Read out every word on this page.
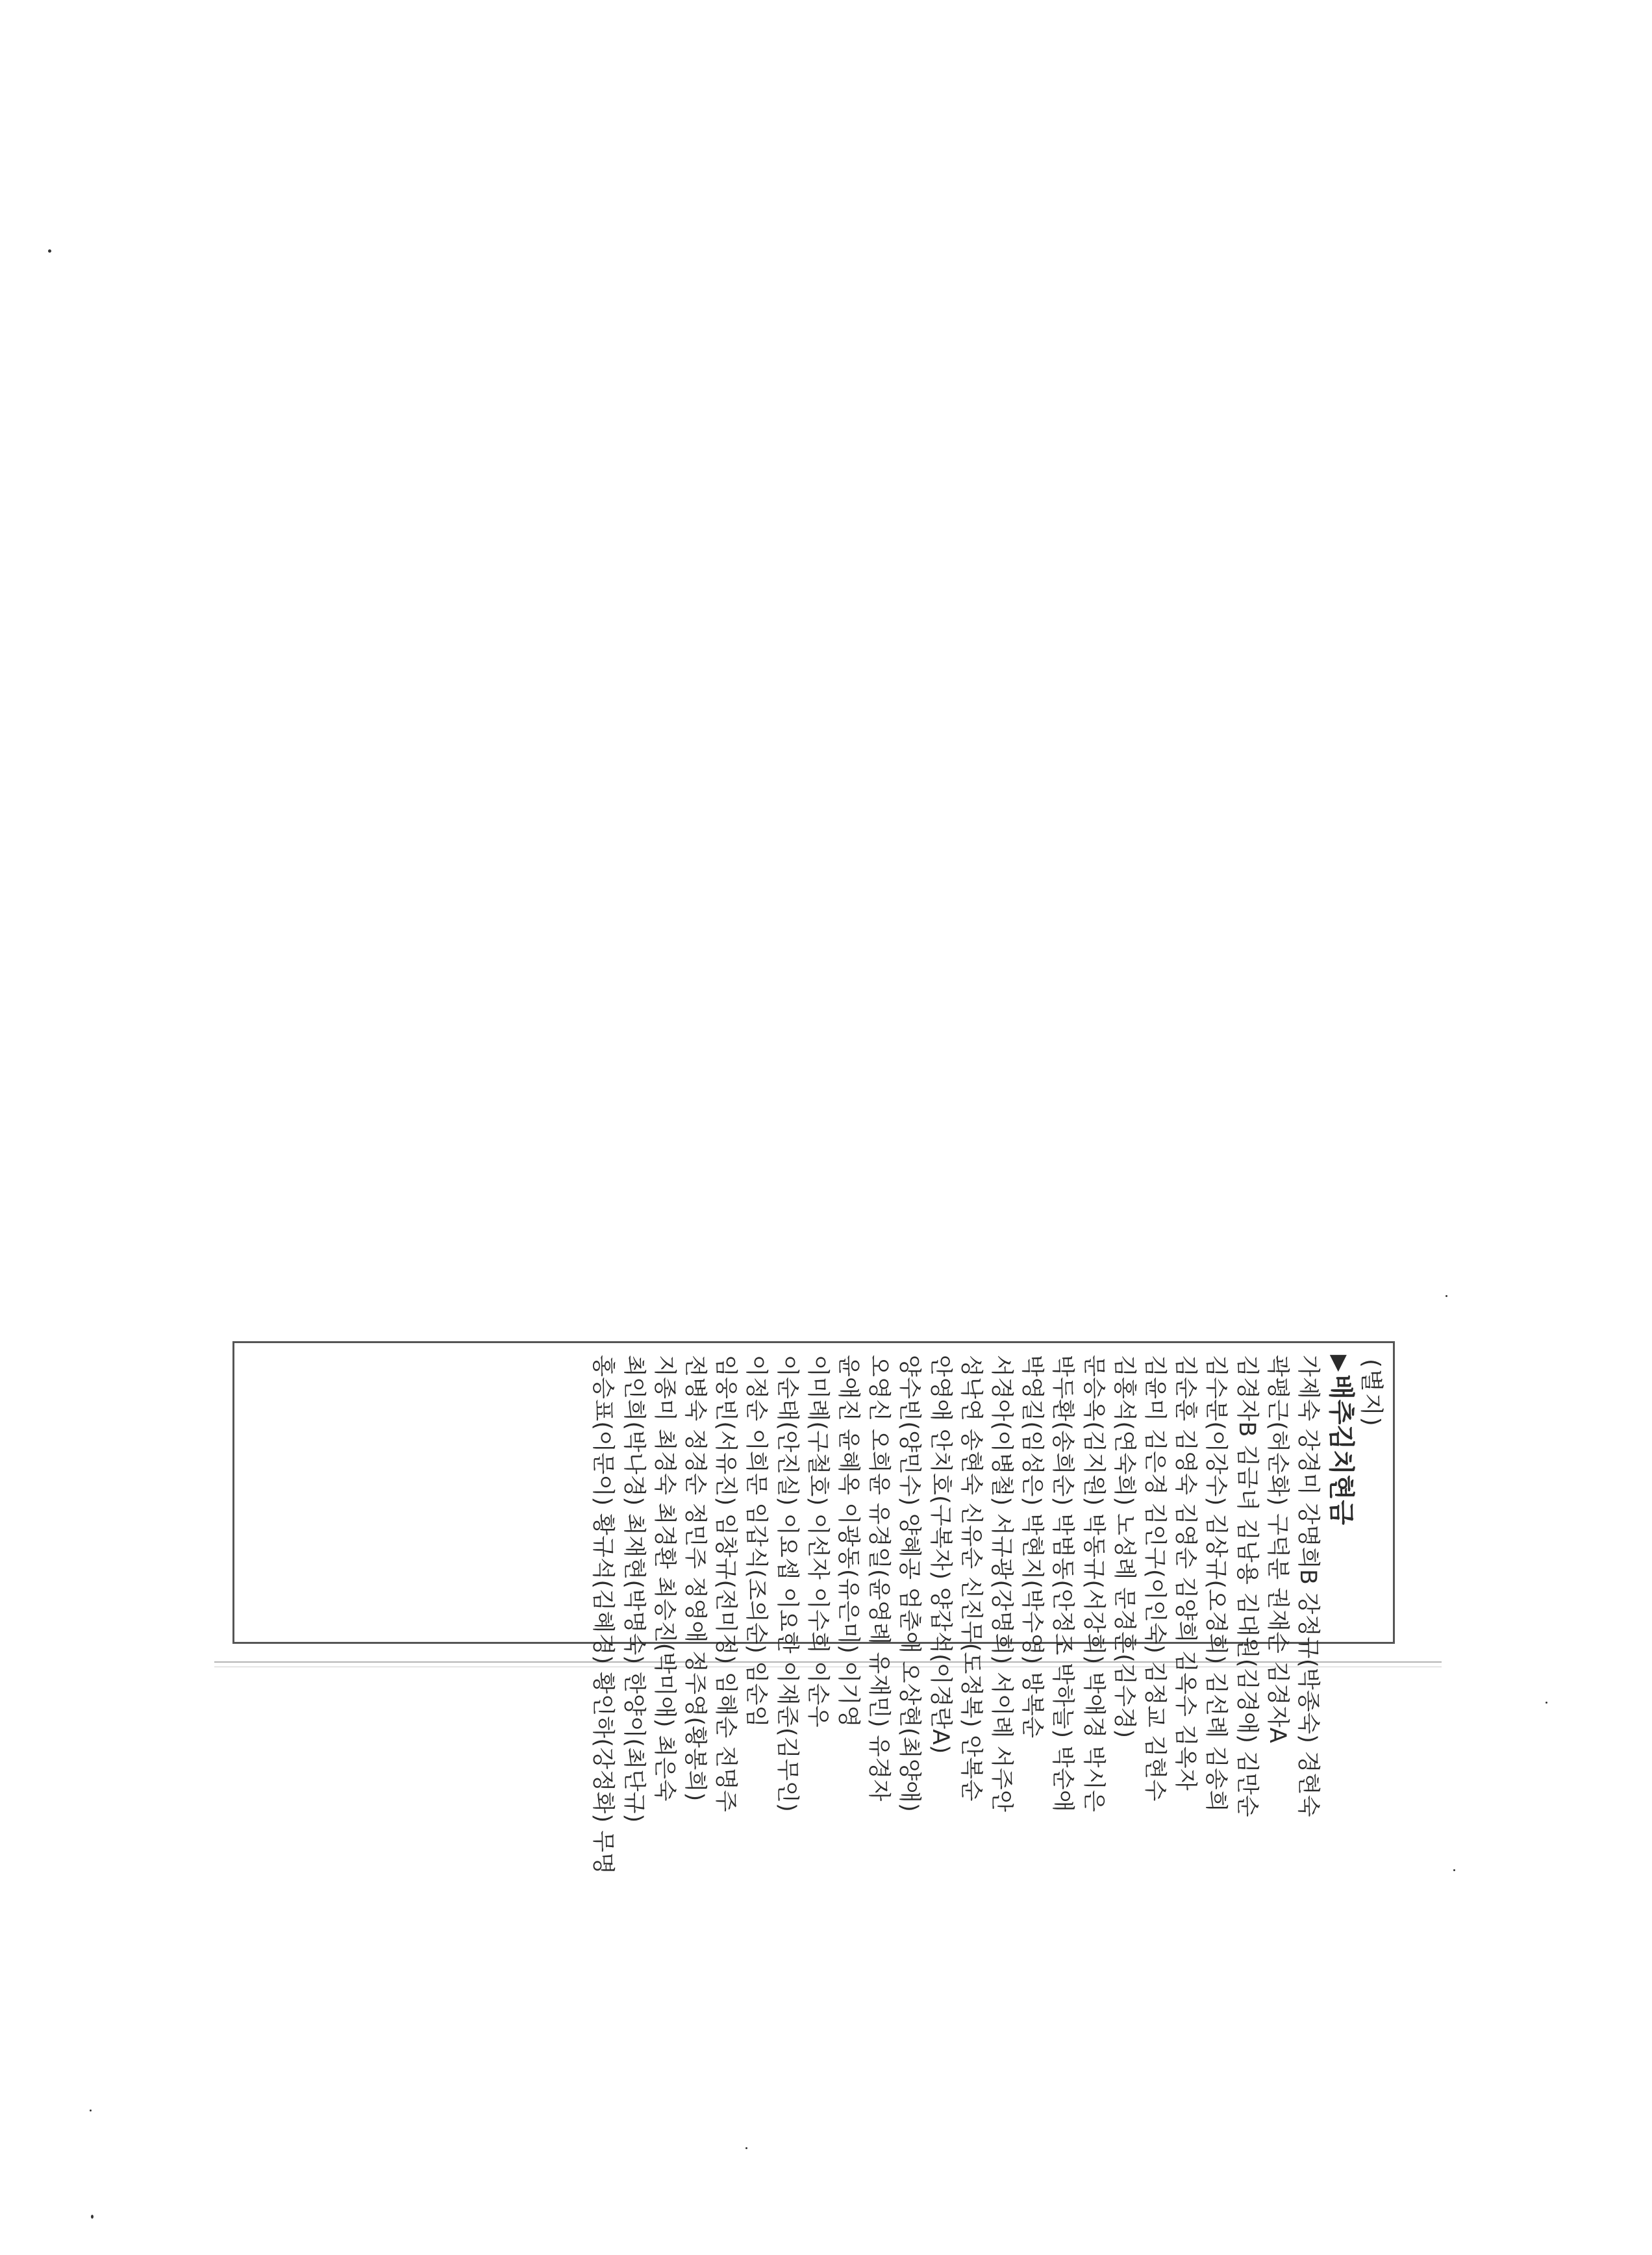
(별지)
▶배추김치현금
가제숙 강경미 강명희B 강정규(박종숙) 경현숙
곽평근(허순화) 구덕분 권재순 김경자A
김경자B 김금녀 김남용 김대원(김경애) 김만순
김수분(이강수) 김상규(오경희) 김선례 김송희
김순훈 김영숙 김영순 김양희 김옥수 김옥자
김윤미 김은경 김인구(이인숙) 김정교 김현수
김홍석(연숙희) 노성례 문경훈(김수경)
문승옥(김지원) 박동규(서강희) 박애경 박시은
박두환(송희순) 박범동(안정조 박하늘) 박순애
박영길(임성은) 박현지(박수영) 방복순
서경아(이병철) 서규광(강명희) 서이례 서주안
성낙연 송현숙 신유순 신진무(도정복) 안복순
안영애 안치호(구복자) 양갑석(이경란A)
양수빈(양민수) 양혜공 엄춘애 오상현(최양애)
오영신 오희윤 유경일(윤영례 유재민) 유경자
윤애진 윤혜옥 이광동(유은미) 이기영
이미례(구철호) 이선자 이수희 이순우
이순태(안진실) 이요셉 이요한 이재준(김무인)
이정순 이희문 임갑식(조의순) 임순임
임웅빈(서유진) 임창규(전미정) 임해순 전명주
전병숙 정경순 정민주 정영애 정주영(황봉희)
지종미 최경숙 최경환 최승진(박미애) 최은숙
최인희(박나경) 최재현(박명숙) 한양이(최단규)
홍승표(이문이) 황규석(김혜경) 황인하(강정화) 무명
